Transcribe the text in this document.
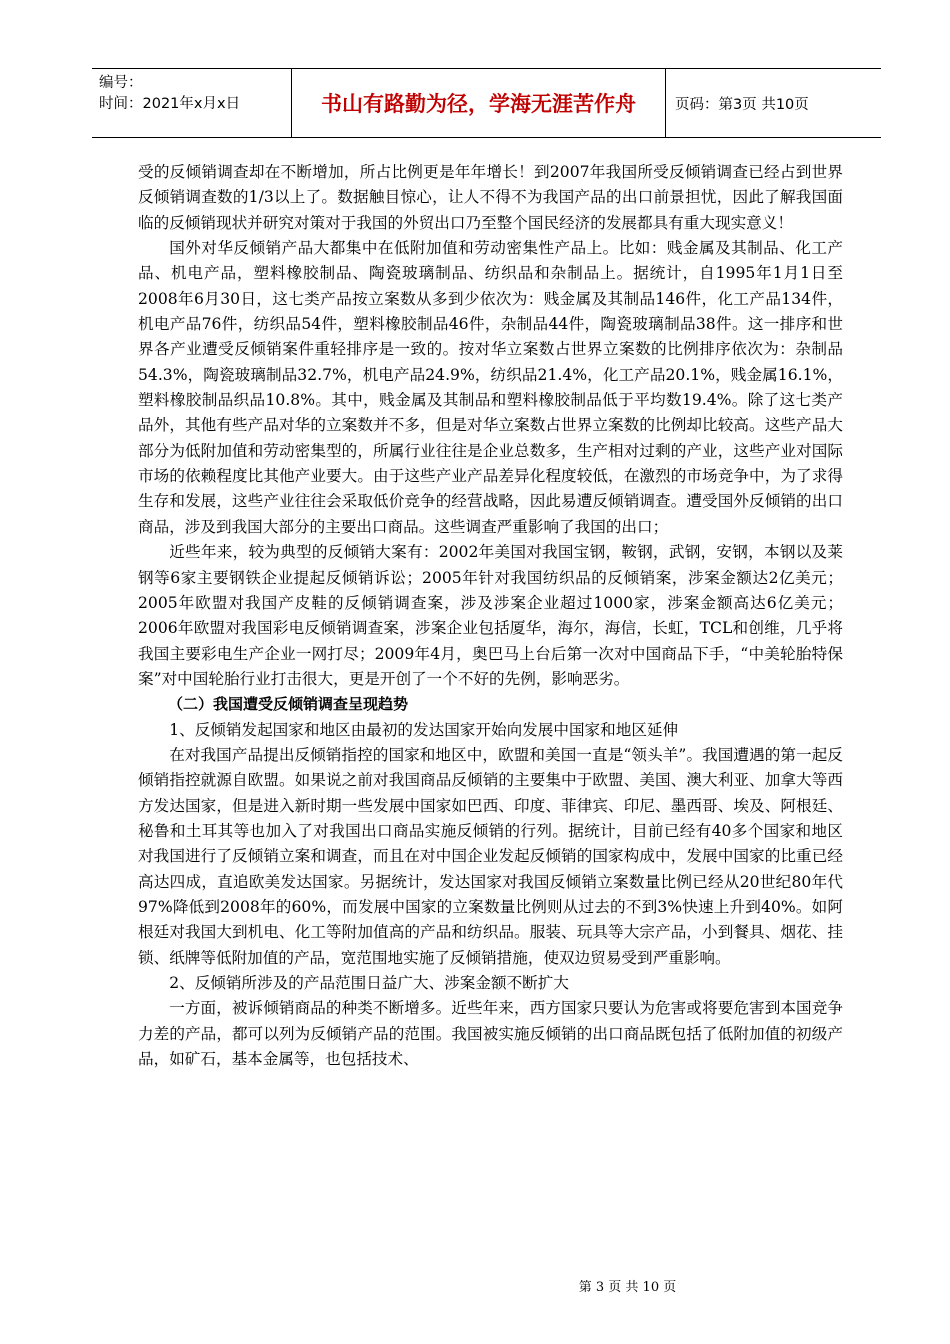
编号：
时间：2021年x月x日	书山有路勤为径，学海无涯苦作舟	页码：第3页 共10页

受的反倾销调查却在不断增加，所占比例更是年年增长！到2007年我国所受反倾销调查已经占到世界反倾销调查数的1/3以上了。数据触目惊心，让人不得不为我国产品的出口前景担忧，因此了解我国面临的反倾销现状并研究对策对于我国的外贸出口乃至整个国民经济的发展都具有重大现实意义！

国外对华反倾销产品大都集中在低附加值和劳动密集性产品上。比如：贱金属及其制品、化工产品、机电产品，塑料橡胶制品、陶瓷玻璃制品、纺织品和杂制品上。据统计，自1995年1月1日至2008年6月30日，这七类产品按立案数从多到少依次为：贱金属及其制品146件，化工产品134件，机电产品76件，纺织品54件，塑料橡胶制品46件，杂制品44件，陶瓷玻璃制品38件。这一排序和世界各产业遭受反倾销案件重轻排序是一致的。按对华立案数占世界立案数的比例排序依次为：杂制品54.3%，陶瓷玻璃制品32.7%，机电产品24.9%，纺织品21.4%，化工产品20.1%，贱金属16.1%，塑料橡胶制品织品10.8%。其中，贱金属及其制品和塑料橡胶制品低于平均数19.4%。除了这七类产品外，其他有些产品对华的立案数并不多，但是对华立案数占世界立案数的比例却比较高。这些产品大部分为低附加值和劳动密集型的，所属行业往往是企业总数多，生产相对过剩的产业，这些产业对国际市场的依赖程度比其他产业要大。由于这些产业产品差异化程度较低，在激烈的市场竞争中，为了求得生存和发展，这些产业往往会采取低价竞争的经营战略，因此易遭反倾销调查。遭受国外反倾销的出口商品，涉及到我国大部分的主要出口商品。这些调查严重影响了我国的出口；

近些年来，较为典型的反倾销大案有：2002年美国对我国宝钢，鞍钢，武钢，安钢，本钢以及莱钢等6家主要钢铁企业提起反倾销诉讼；2005年针对我国纺织品的反倾销案，涉案金额达2亿美元；2005年欧盟对我国产皮鞋的反倾销调查案，涉及涉案企业超过1000家，涉案金额高达6亿美元；2006年欧盟对我国彩电反倾销调查案，涉案企业包括厦华，海尔，海信，长虹，TCL和创维，几乎将我国主要彩电生产企业一网打尽；2009年4月，奥巴马上台后第一次对中国商品下手，“中美轮胎特保案”对中国轮胎行业打击很大，更是开创了一个不好的先例，影响恶劣。

（二）我国遭受反倾销调查呈现趋势

1、反倾销发起国家和地区由最初的发达国家开始向发展中国家和地区延伸

在对我国产品提出反倾销指控的国家和地区中，欧盟和美国一直是“领头羊”。我国遭遇的第一起反倾销指控就源自欧盟。如果说之前对我国商品反倾销的主要集中于欧盟、美国、澳大利亚、加拿大等西方发达国家，但是进入新时期一些发展中国家如巴西、印度、菲律宾、印尼、墨西哥、埃及、阿根廷、秘鲁和土耳其等也加入了对我国出口商品实施反倾销的行列。据统计，目前已经有40多个国家和地区对我国进行了反倾销立案和调查，而且在对中国企业发起反倾销的国家构成中，发展中国家的比重已经高达四成，直追欧美发达国家。另据统计，发达国家对我国反倾销立案数量比例已经从20世纪80年代97%降低到2008年的60%，而发展中国家的立案数量比例则从过去的不到3%快速上升到40%。如阿根廷对我国大到机电、化工等附加值高的产品和纺织品。服装、玩具等大宗产品，小到餐具、烟花、挂锁、纸牌等低附加值的产品，宽范围地实施了反倾销措施，使双边贸易受到严重影响。

2、反倾销所涉及的产品范围日益广大、涉案金额不断扩大

一方面，被诉倾销商品的种类不断增多。近些年来，西方国家只要认为危害或将要危害到本国竞争力差的产品，都可以列为反倾销产品的范围。我国被实施反倾销的出口商品既包括了低附加值的初级产品，如矿石，基本金属等，也包括技术、

第 3 页 共 10 页
